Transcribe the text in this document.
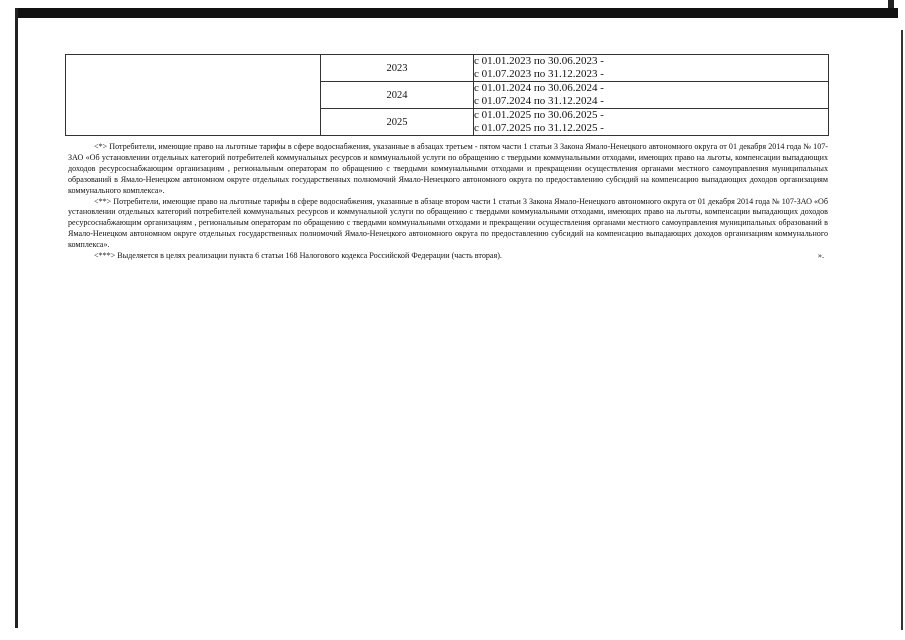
	2023	с 01.01.2023 по 30.06.2023 -
с 01.07.2023 по 31.12.2023 -

	2024	с 01.01.2024 по 30.06.2024 -
с 01.07.2024 по 31.12.2024 -

	2025	с 01.01.2025 по 30.06.2025 -
с 01.07.2025 по 31.12.2025 -

<*> Потребители, имеющие право на льготные тарифы в сфере водоснабжения, указанные в абзацах третьем - пятом части 1 статьи 3 Закона Ямало-Ненецкого автономного округа от 01 декабря 2014 года № 107-ЗАО «Об установлении отдельных категорий потребителей коммунальных ресурсов и коммунальной услуги по обращению с твердыми коммунальными отходами, имеющих право на льготы, компенсации выпадающих доходов ресурсоснабжающим организациям , региональным операторам по обращению с твердыми коммунальными отходами и прекращении осуществления органами местного самоуправления муниципальных образований в Ямало-Ненецком автономном округе отдельных государственных полномочий Ямало-Ненецкого автономного округа по предоставлению субсидий на компенсацию выпадающих доходов организациям коммунального комплекса».

<**> Потребители, имеющие право на льготные тарифы в сфере водоснабжения, указанные в абзаце втором части 1 статьи 3 Закона Ямало-Ненецкого автономного округа от 01 декабря 2014 года № 107-ЗАО «Об установлении отдельных категорий потребителей коммунальных ресурсов и коммунальной услуги по обращению с твердыми коммунальными отходами, имеющих право на льготы, компенсации выпадающих доходов ресурсоснабжающим организациям , региональным операторам по обращению с твердыми коммунальными отходами и прекращении осуществления органами местного самоуправления муниципальных образований в Ямало-Ненецком автономном округе отдельных государственных полномочий Ямало-Ненецкого автономного округа по предоставлению субсидий на компенсацию выпадающих доходов организациям коммунального комплекса».

<***> Выделяется в целях реализации пункта 6 статьи 168 Налогового кодекса Российской Федерации (часть вторая).	».
